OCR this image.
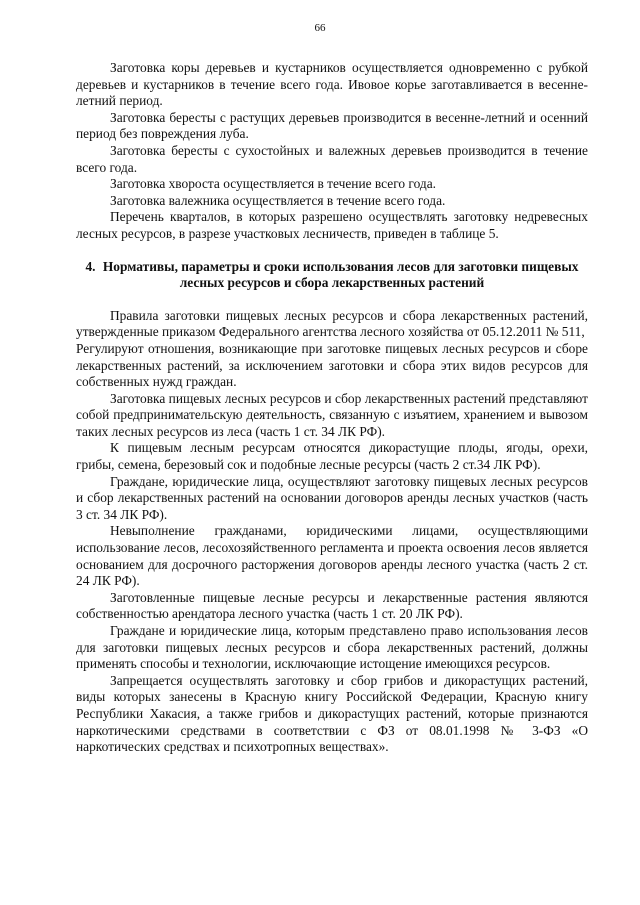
66

Заготовка коры деревьев и кустарников осуществляется одновременно с рубкой деревьев и кустарников в течение всего года. Ивовое корье заготавливается в весенне-летний период.

Заготовка бересты с растущих деревьев производится в весенне-летний и осенний период без повреждения луба.

Заготовка бересты с сухостойных и валежных деревьев производится в течение всего года.

Заготовка хвороста осуществляется в течение всего года.

Заготовка валежника осуществляется в течение всего года.

Перечень кварталов, в которых разрешено осуществлять заготовку недревесных лесных ресурсов, в разрезе участковых лесничеств, приведен в таблице 5.

4. Нормативы, параметры и сроки использования лесов для заготовки пищевых лесных ресурсов и сбора лекарственных растений

Правила заготовки пищевых лесных ресурсов и сбора лекарственных растений, утвержденные приказом Федерального агентства лесного хозяйства от 05.12.2011 № 511,

Регулируют отношения, возникающие при заготовке пищевых лесных ресурсов и сборе лекарственных растений, за исключением заготовки и сбора этих видов ресурсов для собственных нужд граждан.

Заготовка пищевых лесных ресурсов и сбор лекарственных растений представляют собой предпринимательскую деятельность, связанную с изъятием, хранением и вывозом таких лесных ресурсов из леса (часть 1 ст. 34 ЛК РФ).

К пищевым лесным ресурсам относятся дикорастущие плоды, ягоды, орехи, грибы, семена, березовый сок и подобные лесные ресурсы (часть 2 ст.34 ЛК РФ).

Граждане, юридические лица, осуществляют заготовку пищевых лесных ресурсов и сбор лекарственных растений на основании договоров аренды лесных участков (часть 3 ст. 34 ЛК РФ).

Невыполнение гражданами, юридическими лицами, осуществляющими использование лесов, лесохозяйственного регламента и проекта освоения лесов является основанием для досрочного расторжения договоров аренды лесного участка (часть 2 ст. 24 ЛК РФ).

Заготовленные пищевые лесные ресурсы и лекарственные растения являются собственностью арендатора лесного участка (часть 1 ст. 20 ЛК РФ).

Граждане и юридические лица, которым представлено право использования лесов для заготовки пищевых лесных ресурсов и сбора лекарственных растений, должны применять способы и технологии, исключающие истощение имеющихся ресурсов.

Запрещается осуществлять заготовку и сбор грибов и дикорастущих растений, виды которых занесены в Красную книгу Российской Федерации, Красную книгу Республики Хакасия, а также грибов и дикорастущих растений, которые признаются наркотическими средствами в соответствии с ФЗ от 08.01.1998 № 3-ФЗ «О наркотических средствах и психотропных веществах».
